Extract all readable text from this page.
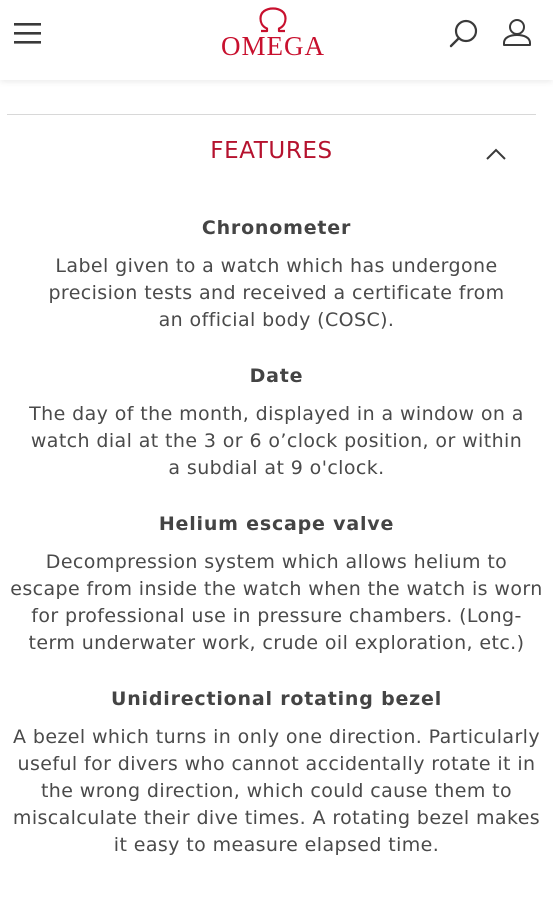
OMEGA
FEATURES
Chronometer
Label given to a watch which has undergone precision tests and received a certificate from an official body (COSC).
Date
The day of the month, displayed in a window on a watch dial at the 3 or 6 o’clock position, or within a subdial at 9 o'clock.
Helium escape valve
Decompression system which allows helium to escape from inside the watch when the watch is worn for professional use in pressure chambers. (Long-term underwater work, crude oil exploration, etc.)
Unidirectional rotating bezel
A bezel which turns in only one direction. Particularly useful for divers who cannot accidentally rotate it in the wrong direction, which could cause them to miscalculate their dive times. A rotating bezel makes it easy to measure elapsed time.
